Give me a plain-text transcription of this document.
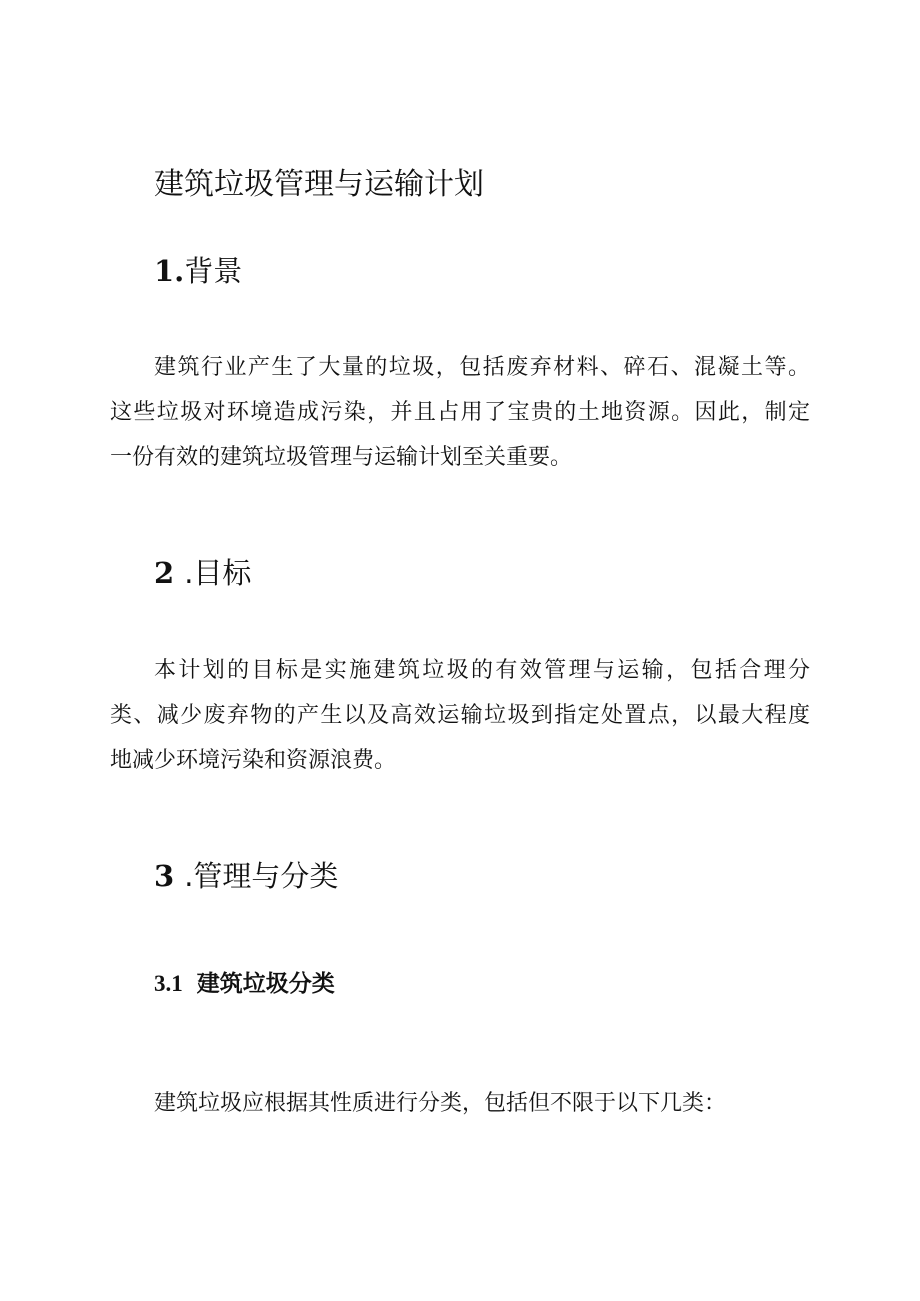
建筑垃圾管理与运输计划
1.背景

建筑行业产生了大量的垃圾，包括废弃材料、碎石、混凝土等。
这些垃圾对环境造成污染，并且占用了宝贵的土地资源。因此，制定
一份有效的建筑垃圾管理与运输计划至关重要。

2 .目标

本计划的目标是实施建筑垃圾的有效管理与运输，包括合理分
类、减少废弃物的产生以及高效运输垃圾到指定处置点，以最大程度
地减少环境污染和资源浪费。

3 .管理与分类
3.1 建筑垃圾分类

建筑垃圾应根据其性质进行分类，包括但不限于以下几类：
